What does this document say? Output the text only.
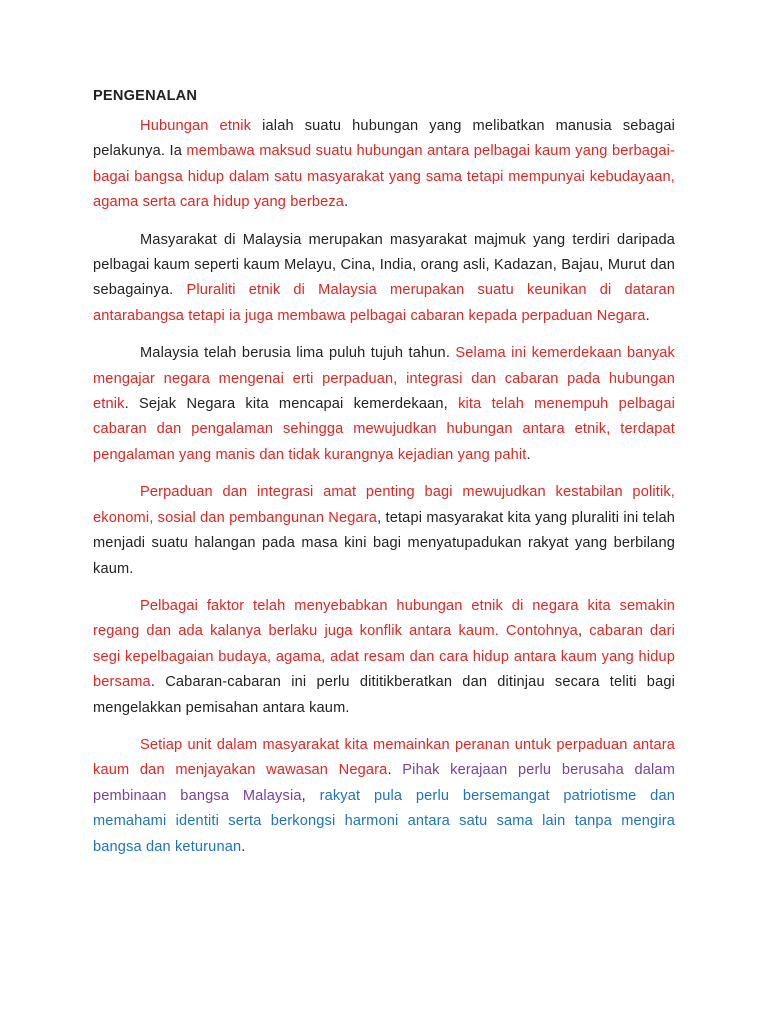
PENGENALAN

Hubungan etnik ialah suatu hubungan yang melibatkan manusia sebagai pelakunya. Ia membawa maksud suatu hubungan antara pelbagai kaum yang berbagai-bagai bangsa hidup dalam satu masyarakat yang sama tetapi mempunyai kebudayaan, agama serta cara hidup yang berbeza.

Masyarakat di Malaysia merupakan masyarakat majmuk yang terdiri daripada pelbagai kaum seperti kaum Melayu, Cina, India, orang asli, Kadazan, Bajau, Murut dan sebagainya. Pluraliti etnik di Malaysia merupakan suatu keunikan di dataran antarabangsa tetapi ia juga membawa pelbagai cabaran kepada perpaduan Negara.

Malaysia telah berusia lima puluh tujuh tahun. Selama ini kemerdekaan banyak mengajar negara mengenai erti perpaduan, integrasi dan cabaran pada hubungan etnik. Sejak Negara kita mencapai kemerdekaan, kita telah menempuh pelbagai cabaran dan pengalaman sehingga mewujudkan hubungan antara etnik, terdapat pengalaman yang manis dan tidak kurangnya kejadian yang pahit.

Perpaduan dan integrasi amat penting bagi mewujudkan kestabilan politik, ekonomi, sosial dan pembangunan Negara, tetapi masyarakat kita yang pluraliti ini telah menjadi suatu halangan pada masa kini bagi menyatupadukan rakyat yang berbilang kaum.

Pelbagai faktor telah menyebabkan hubungan etnik di negara kita semakin regang dan ada kalanya berlaku juga konflik antara kaum. Contohnya, cabaran dari segi kepelbagaian budaya, agama, adat resam dan cara hidup antara kaum yang hidup bersama. Cabaran-cabaran ini perlu dititikberatkan dan ditinjau secara teliti bagi mengelakkan pemisahan antara kaum.

Setiap unit dalam masyarakat kita memainkan peranan untuk perpaduan antara kaum dan menjayakan wawasan Negara. Pihak kerajaan perlu berusaha dalam pembinaan bangsa Malaysia, rakyat pula perlu bersemangat patriotisme dan memahami identiti serta berkongsi harmoni antara satu sama lain tanpa mengira bangsa dan keturunan.
